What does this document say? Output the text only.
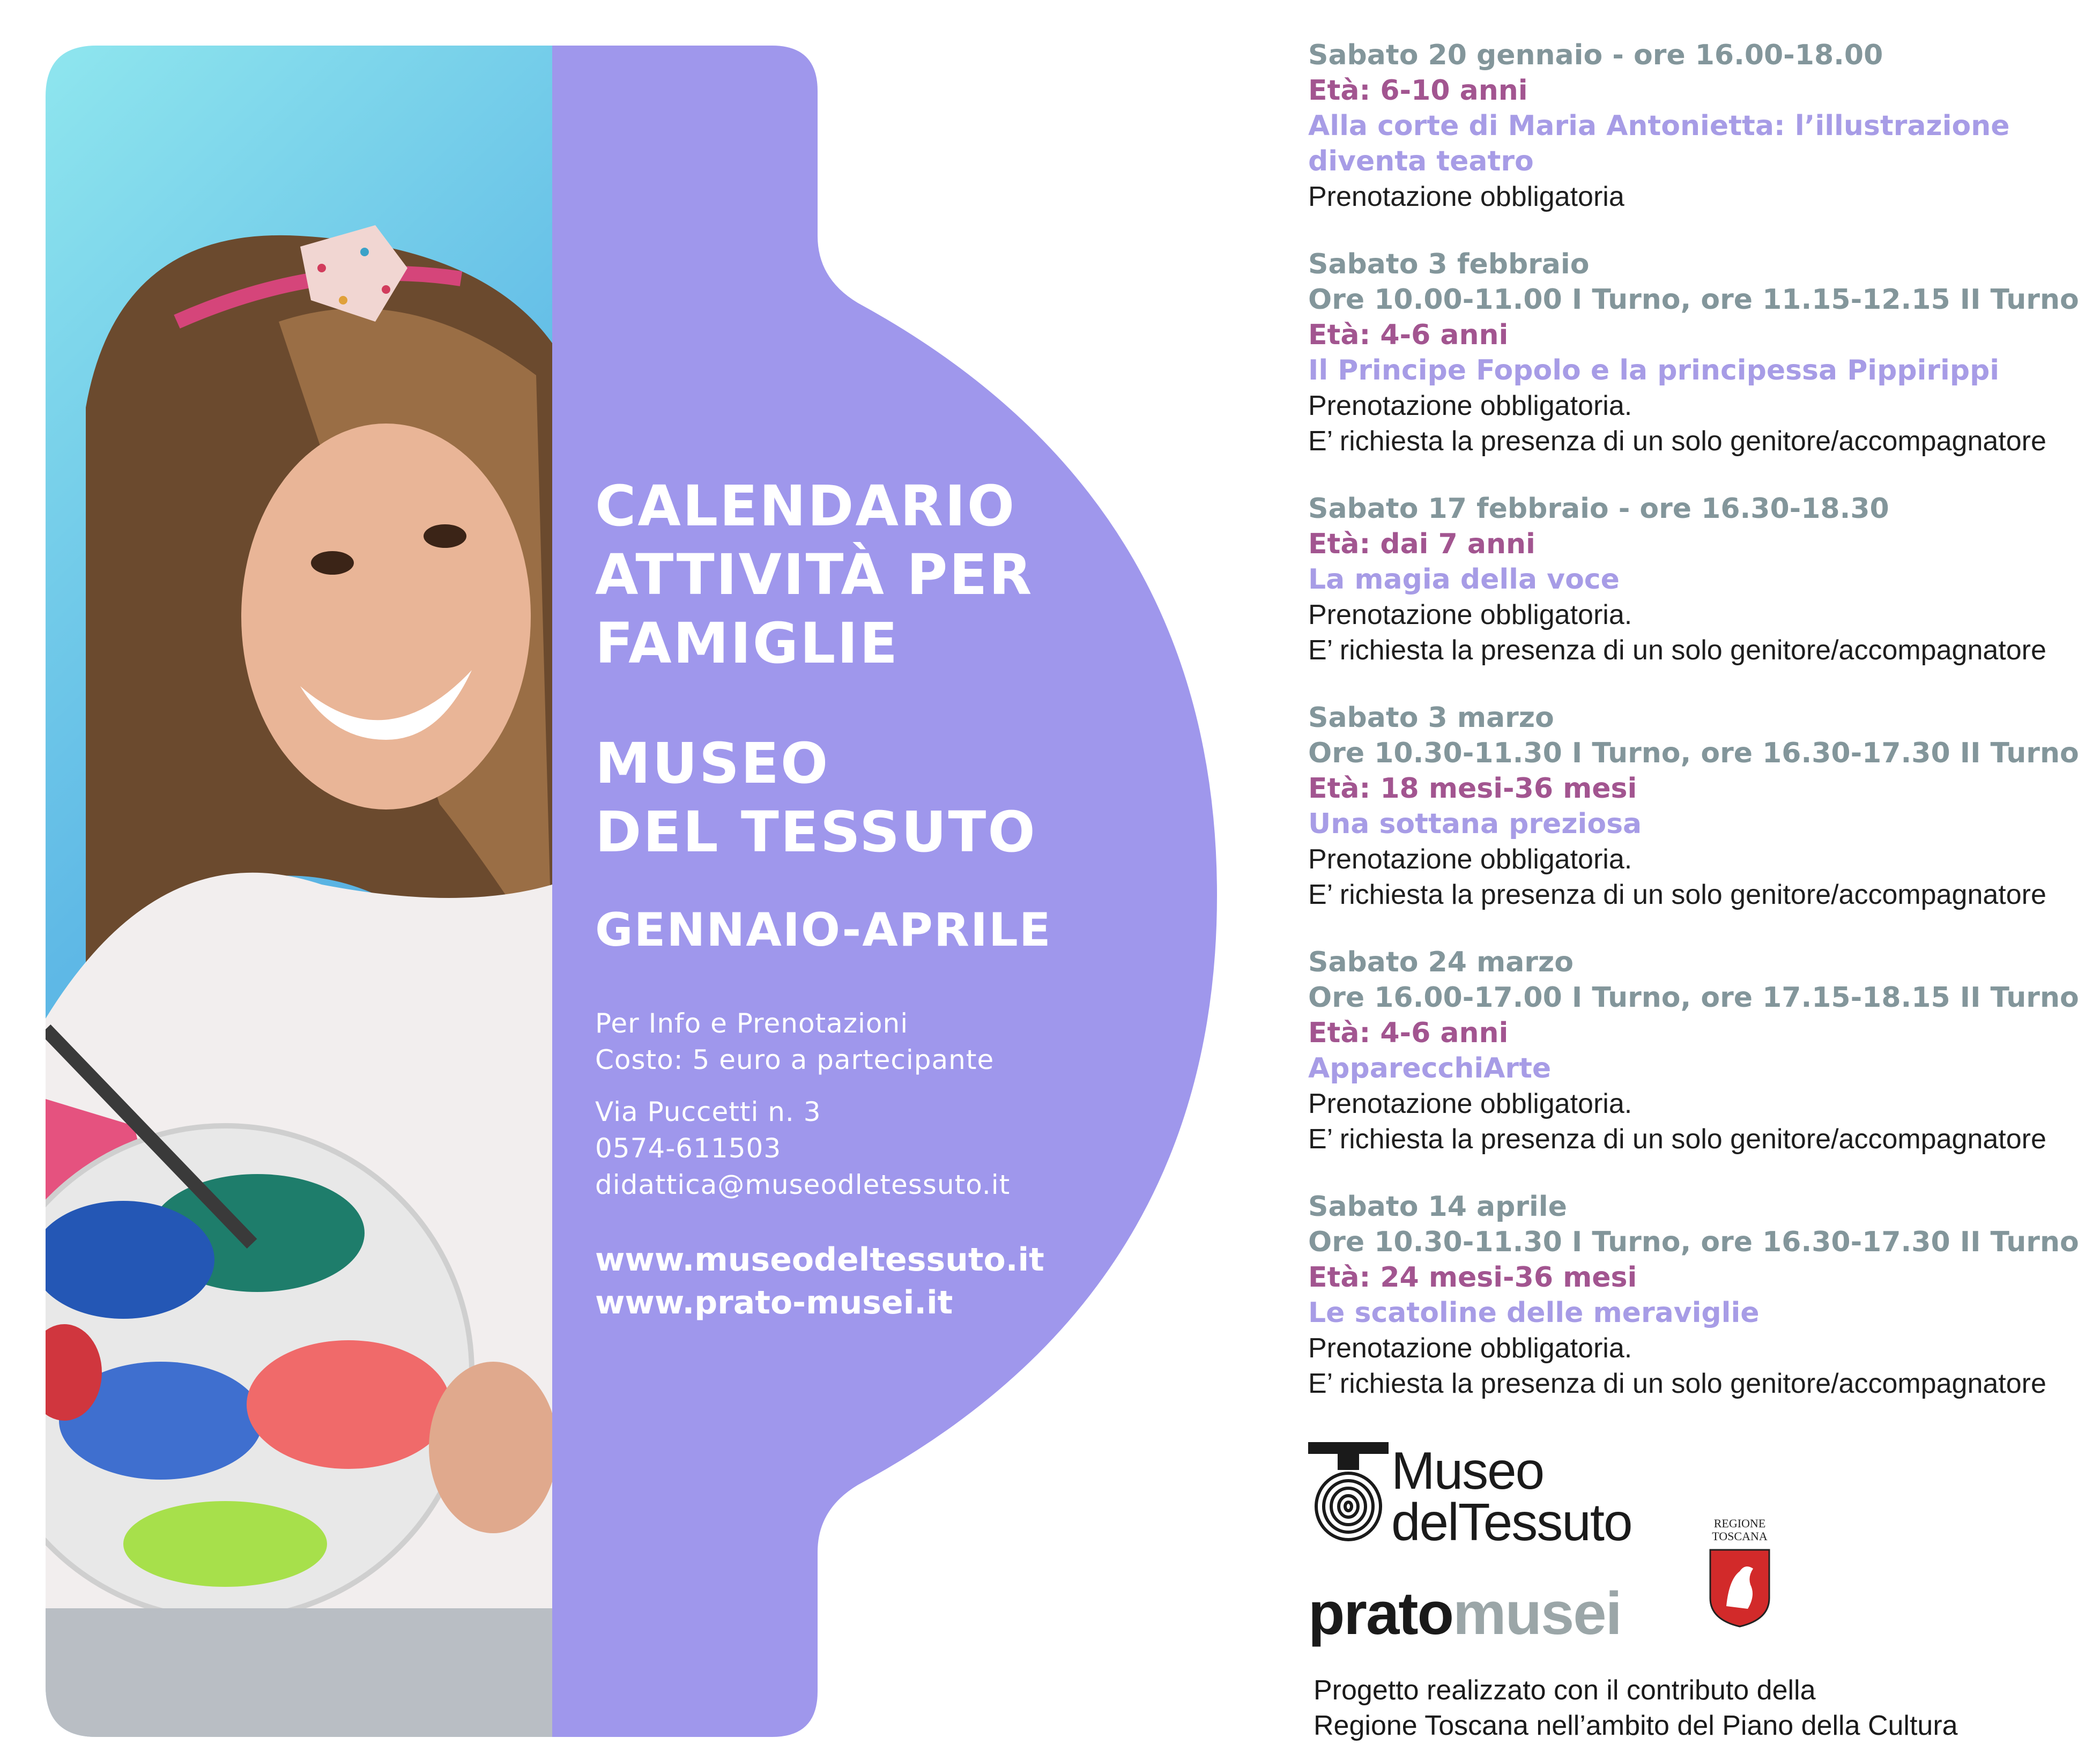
CALENDARIO
ATTIVITÀ PER
FAMIGLIE
MUSEO
DEL TESSUTO
GENNAIO-APRILE
Per Info e Prenotazioni
Costo: 5 euro a partecipante
Via Puccetti n. 3
0574-611503
didattica@museodletessuto.it
www.museodeltessuto.it
www.prato-musei.it
Sabato 20 gennaio - ore 16.00-18.00
Età: 6-10 anni
Alla corte di Maria Antonietta: l’illustrazione
diventa teatro
Prenotazione obbligatoria
Sabato 3 febbraio
Ore 10.00-11.00 I Turno, ore 11.15-12.15 II Turno
Età: 4-6 anni
Il Principe Fopolo e la principessa Pippirippi
Prenotazione obbligatoria.
E’ richiesta la presenza di un solo genitore/accompagnatore
Sabato 17 febbraio - ore 16.30-18.30
Età: dai 7 anni
La magia della voce
Prenotazione obbligatoria.
E’ richiesta la presenza di un solo genitore/accompagnatore
Sabato 3 marzo
Ore 10.30-11.30 I Turno, ore 16.30-17.30 II Turno
Età: 18 mesi-36 mesi
Una sottana preziosa
Prenotazione obbligatoria.
E’ richiesta la presenza di un solo genitore/accompagnatore
Sabato 24 marzo
Ore 16.00-17.00 I Turno, ore 17.15-18.15 II Turno
Età: 4-6 anni
ApparecchiArte
Prenotazione obbligatoria.
E’ richiesta la presenza di un solo genitore/accompagnatore
Sabato 14 aprile
Ore 10.30-11.30 I Turno, ore 16.30-17.30 II Turno
Età: 24 mesi-36 mesi
Le scatoline delle meraviglie
Prenotazione obbligatoria.
E’ richiesta la presenza di un solo genitore/accompagnatore
Museo
delTessuto
pratomusei
REGIONE
TOSCANA
Progetto realizzato con il contributo della
Regione Toscana nell’ambito del Piano della Cultura
